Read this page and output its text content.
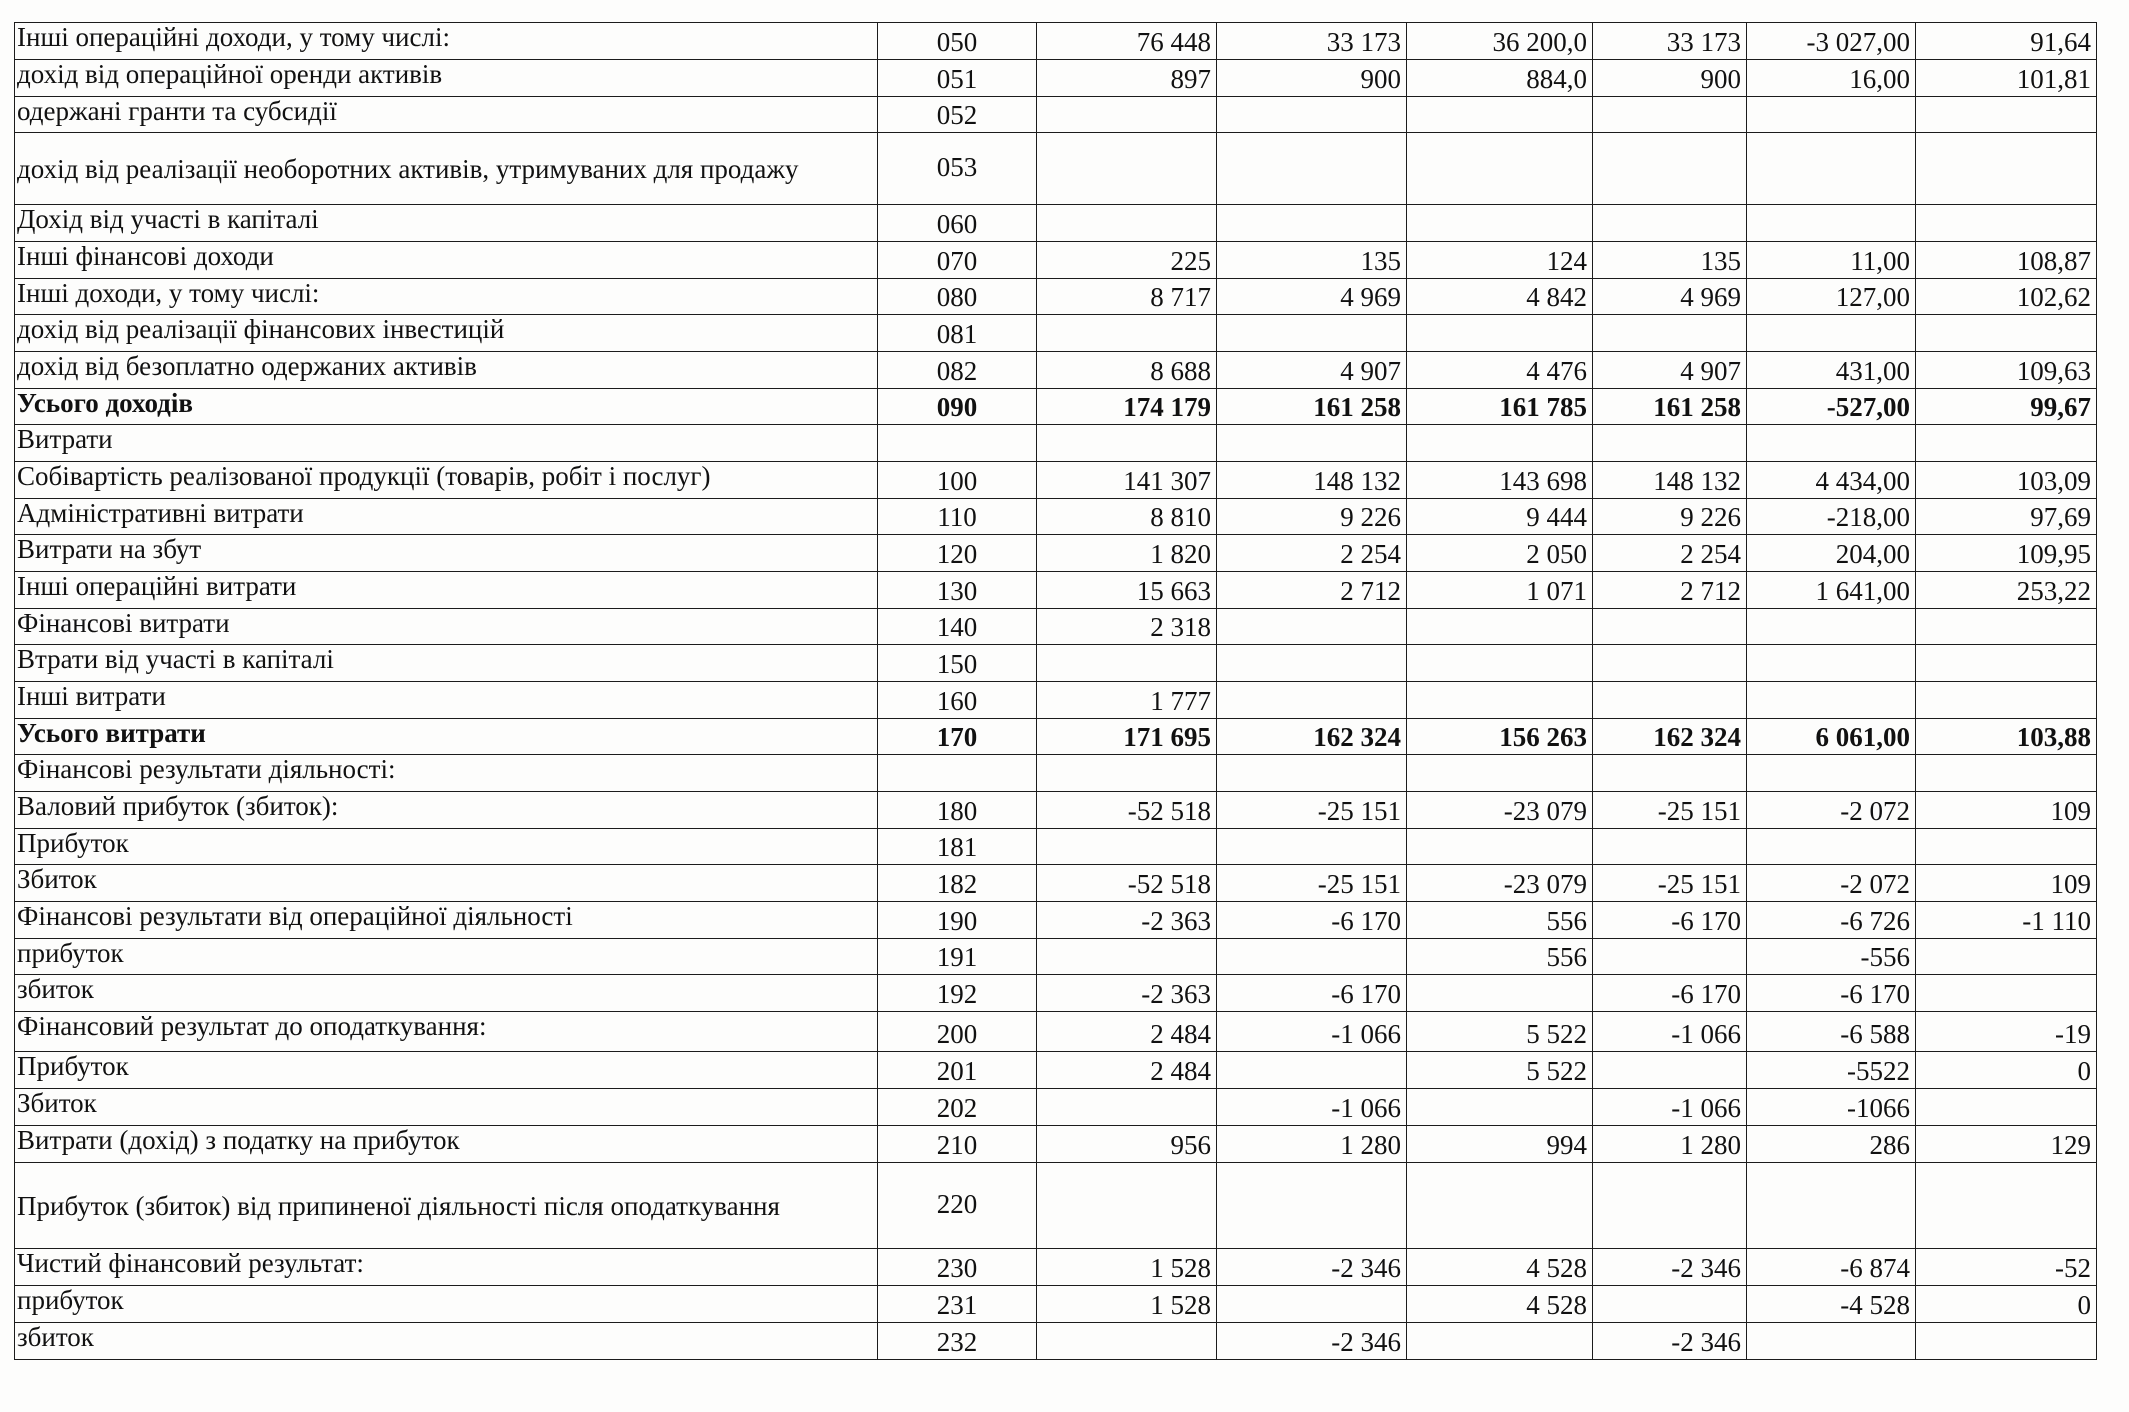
Інші операційні доходи, у тому числі:	050	76 448	33 173	36 200,0	33 173	-3 027,00	91,64
дохід від операційної оренди активів	051	897	900	884,0	900	16,00	101,81
одержані гранти та субсидії	052						
дохід від реалізації необоротних активів, утримуваних для продажу	053						
Дохід від участі в капіталі	060						
Інші фінансові доходи	070	225	135	124	135	11,00	108,87
Інші доходи, у тому числі:	080	8 717	4 969	4 842	4 969	127,00	102,62
дохід від реалізації фінансових інвестицій	081						
дохід від безоплатно одержаних активів	082	8 688	4 907	4 476	4 907	431,00	109,63
Усього доходів	090	174 179	161 258	161 785	161 258	-527,00	99,67
Витрати							
Собівартість реалізованої продукції (товарів, робіт і послуг)	100	141 307	148 132	143 698	148 132	4 434,00	103,09
Адміністративні витрати	110	8 810	9 226	9 444	9 226	-218,00	97,69
Витрати на збут	120	1 820	2 254	2 050	2 254	204,00	109,95
Інші операційні витрати	130	15 663	2 712	1 071	2 712	1 641,00	253,22
Фінансові витрати	140	2 318					
Втрати від участі в капіталі	150						
Інші витрати	160	1 777					
Усього витрати	170	171 695	162 324	156 263	162 324	6 061,00	103,88
Фінансові результати діяльності:							
Валовий прибуток (збиток):	180	-52 518	-25 151	-23 079	-25 151	-2 072	109
Прибуток	181						
Збиток	182	-52 518	-25 151	-23 079	-25 151	-2 072	109
Фінансові результати від операційної діяльності	190	-2 363	-6 170	556	-6 170	-6 726	-1 110
прибуток	191			556		-556	
збиток	192	-2 363	-6 170		-6 170	-6 170	
Фінансовий результат до оподаткування:	200	2 484	-1 066	5 522	-1 066	-6 588	-19
Прибуток	201	2 484		5 522		-5522	0
Збиток	202		-1 066		-1 066	-1066	
Витрати (дохід) з податку на прибуток	210	956	1 280	994	1 280	286	129
Прибуток (збиток) від припиненої діяльності після оподаткування	220						
Чистий фінансовий результат:	230	1 528	-2 346	4 528	-2 346	-6 874	-52
прибуток	231	1 528		4 528		-4 528	0
збиток	232		-2 346		-2 346		
